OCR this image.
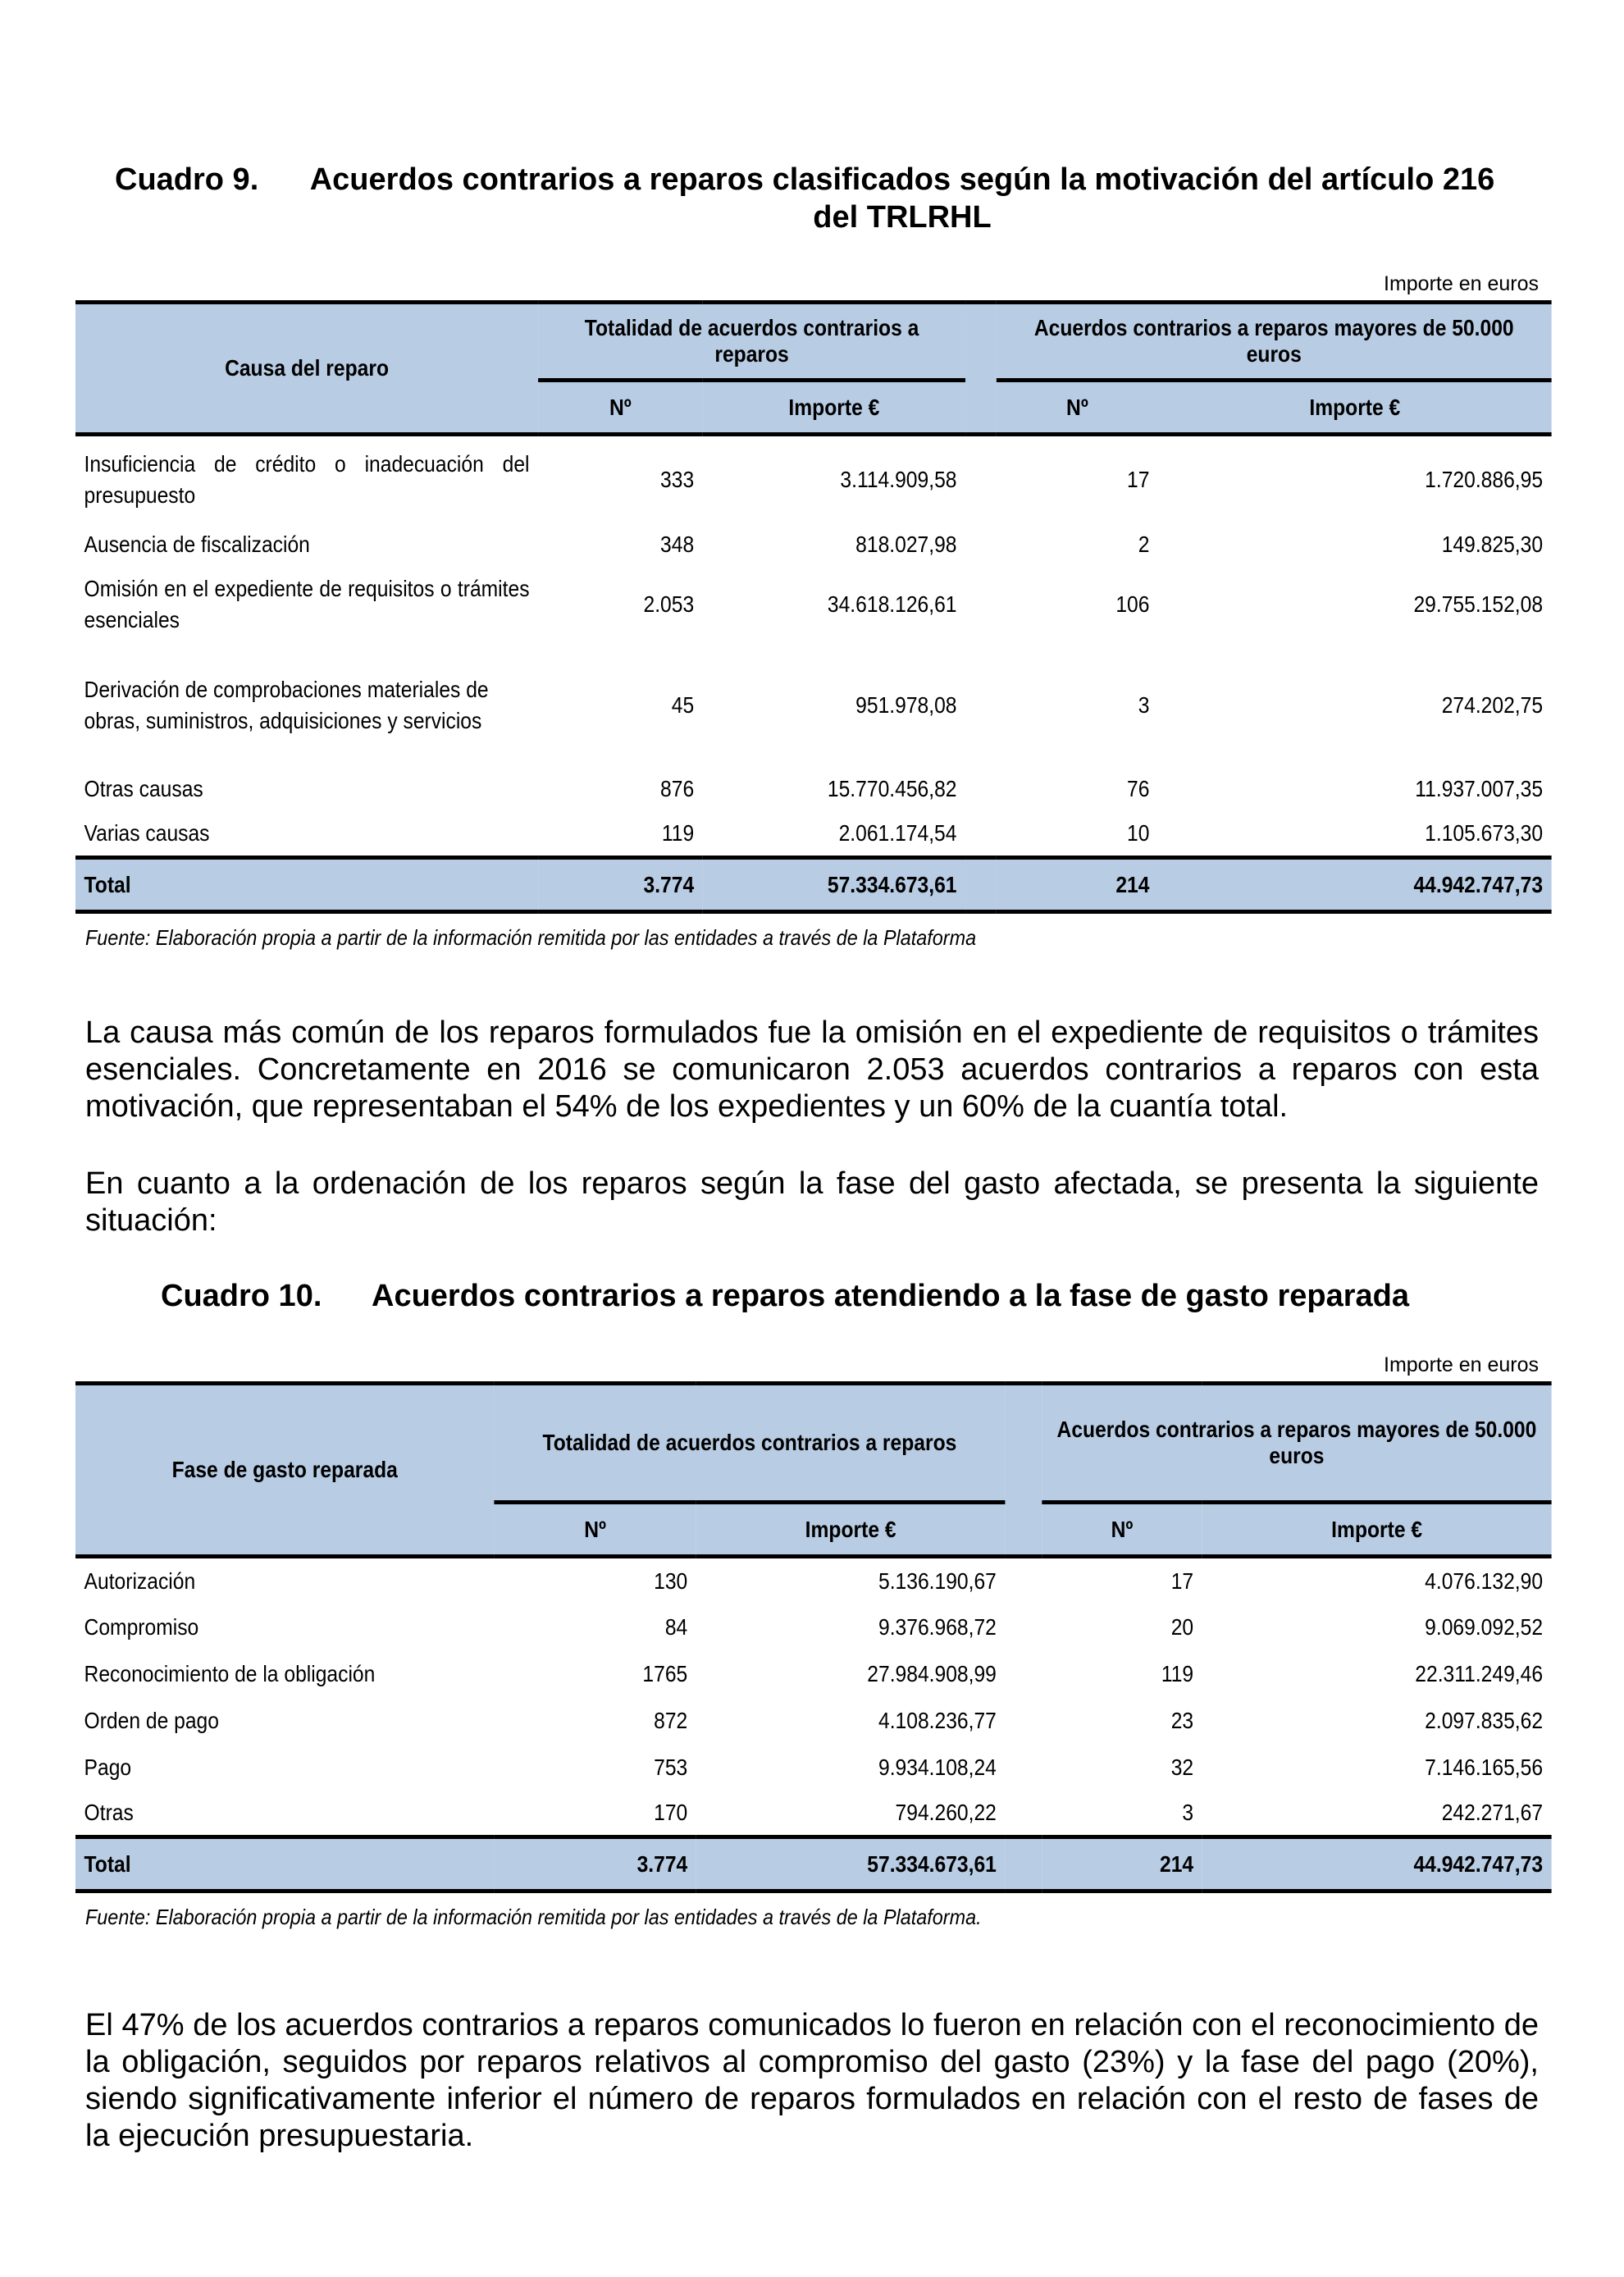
Cuadro 9.	Acuerdos contrarios a reparos clasificados según la motivación del artículo 216 del TRLRHL
Importe en euros
Causa del reparo	Totalidad de acuerdos contrarios a reparos			Acuerdos contrarios a reparos mayores de 50.000 euros	
	Nº	Importe €		Nº	Importe €
Insuficiencia de crédito o inadecuación del presupuesto	333	3.114.909,58		17	1.720.886,95
Ausencia de fiscalización	348	818.027,98		2	149.825,30
Omisión en el expediente de requisitos o trámites esenciales	2.053	34.618.126,61		106	29.755.152,08
Derivación de comprobaciones materiales de obras, suministros, adquisiciones y servicios	45	951.978,08		3	274.202,75
Otras causas	876	15.770.456,82		76	11.937.007,35
Varias causas	119	2.061.174,54		10	1.105.673,30
Total	3.774	57.334.673,61		214	44.942.747,73
Fuente: Elaboración propia a partir de la información remitida por las entidades a través de la Plataforma
La causa más común de los reparos formulados fue la omisión en el expediente de requisitos o trámites esenciales. Concretamente en 2016 se comunicaron 2.053 acuerdos contrarios a reparos con esta motivación, que representaban el 54% de los expedientes y un 60% de la cuantía total.
En cuanto a la ordenación de los reparos según la fase del gasto afectada, se presenta la siguiente situación:
Cuadro 10. Acuerdos contrarios a reparos atendiendo a la fase de gasto reparada
Importe en euros
Fase de gasto reparada	Totalidad de acuerdos contrarios a reparos			Acuerdos contrarios a reparos mayores de 50.000 euros	
	Nº	Importe €		Nº	Importe €
Autorización	130	5.136.190,67		17	4.076.132,90
Compromiso	84	9.376.968,72		20	9.069.092,52
Reconocimiento de la obligación	1765	27.984.908,99		119	22.311.249,46
Orden de pago	872	4.108.236,77		23	2.097.835,62
Pago	753	9.934.108,24		32	7.146.165,56
Otras	170	794.260,22		3	242.271,67
Total	3.774	57.334.673,61		214	44.942.747,73
Fuente: Elaboración propia a partir de la información remitida por las entidades a través de la Plataforma.
El 47% de los acuerdos contrarios a reparos comunicados lo fueron en relación con el reconocimiento de la obligación, seguidos por reparos relativos al compromiso del gasto (23%) y la fase del pago (20%), siendo significativamente inferior el número de reparos formulados en relación con el resto de fases de la ejecución presupuestaria.
